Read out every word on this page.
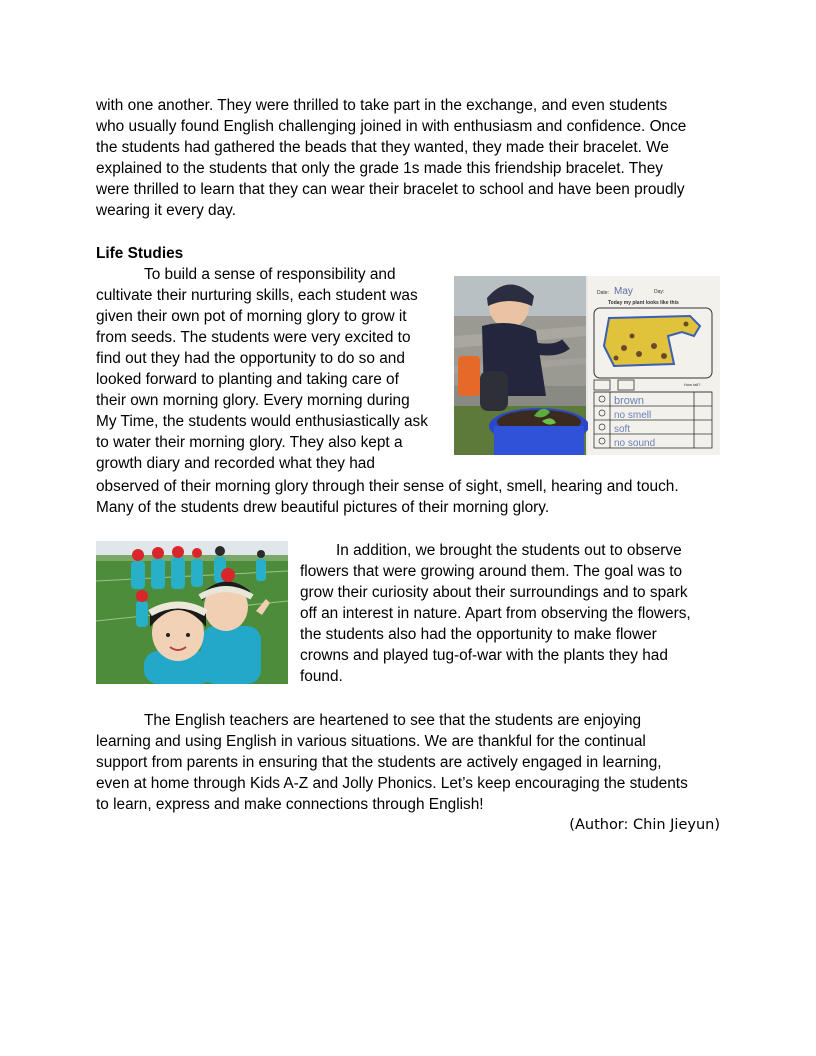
with one another. They were thrilled to take part in the exchange, and even students
who usually found English challenging joined in with enthusiasm and confidence. Once
the students had gathered the beads that they wanted, they made their bracelet. We
explained to the students that only the grade 1s made this friendship bracelet. They
were thrilled to learn that they can wear their bracelet to school and have been proudly
wearing it every day.
Life Studies
To build a sense of responsibility and
cultivate their nurturing skills, each student was
given their own pot of morning glory to grow it
from seeds. The students were very excited to
find out they had the opportunity to do so and
looked forward to planting and taking care of
their own morning glory. Every morning during
My Time, the students would enthusiastically ask
to water their morning glory. They also kept a
growth diary and recorded what they had
observed of their morning glory through their sense of sight, smell, hearing and touch.
Many of the students drew beautiful pictures of their morning glory.
Date: May	Day:
Today my plant looks like this
How tall?
brown
no smell
soft
no sound
In addition, we brought the students out to observe
flowers that were growing around them. The goal was to
grow their curiosity about their surroundings and to spark
off an interest in nature. Apart from observing the flowers,
the students also had the opportunity to make flower
crowns and played tug-of-war with the plants they had
found.
The English teachers are heartened to see that the students are enjoying
learning and using English in various situations. We are thankful for the continual
support from parents in ensuring that the students are actively engaged in learning,
even at home through Kids A-Z and Jolly Phonics. Let’s keep encouraging the students
to learn, express and make connections through English!
(Author: Chin Jieyun)
